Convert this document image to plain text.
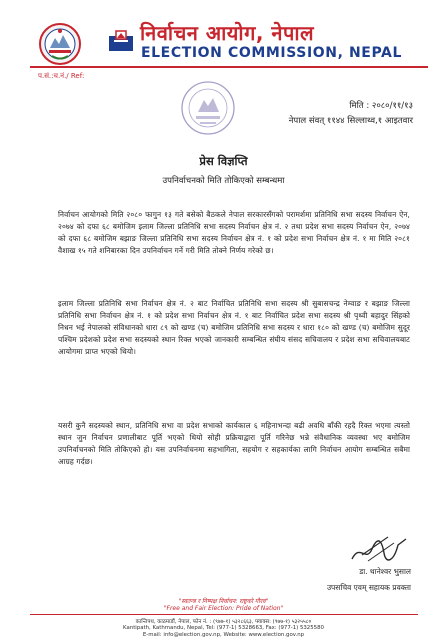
निर्वाचन आयोग, नेपाल
ELECTION COMMISSION, NEPAL
प.सं.:च.नं./ Ref:
मिति : २०८०/११/१३
नेपाल संवत् ११४४ सिल्लाथ्व,१ आइतवार
प्रेस विज्ञप्ति
उपनिर्वाचनको मिति तोकिएको सम्बन्धमा
निर्वाचन आयोगको मिति २०८० फागुन १३ गते बसेको बैठकले नेपाल सरकारसँगको परामर्शमा प्रतिनिधि सभा सदस्य निर्वाचन ऐन, २०७४ को दफा ६८ बमोजिम इलाम जिल्ला प्रतिनिधि सभा सदस्य निर्वाचन क्षेत्र नं. २ तथा प्रदेश सभा सदस्य निर्वाचन ऐन, २०७४ को दफा ६८ बमोजिम बझाङ जिल्ला प्रतिनिधि सभा सदस्य निर्वाचन क्षेत्र नं. १ को प्रदेश सभा निर्वाचन क्षेत्र नं. १ मा मिति २०८१ वैशाख १५ गते शनिबारका दिन उपनिर्वाचन गर्ने गरी मिति तोक्ने निर्णय गरेको छ।
इलाम जिल्ला प्रतिनिधि सभा निर्वाचन क्षेत्र नं. २ बाट निर्वाचित प्रतिनिधि सभा सदस्य श्री सुबासचन्द्र नेम्वाङ र बझाङ जिल्ला प्रतिनिधि सभा निर्वाचन क्षेत्र नं. १ को प्रदेश सभा निर्वाचन क्षेत्र नं. १ बाट निर्वाचित प्रदेश सभा सदस्य श्री पृथ्वी बहादुर सिंहको निधन भई नेपालको संविधानको धारा ८९ को खण्ड (च) बमोजिम प्रतिनिधि सभा सदस्य र धारा १८० को खण्ड (च) बमोजिम सुदूर पश्चिम प्रदेशको प्रदेश सभा सदस्यको स्थान रिक्त भएको जानकारी सम्बन्धित संघीय संसद सचिवालय र प्रदेश सभा सचिवालयबाट आयोगमा प्राप्त भएको थियो।
यसरी कुनै सदस्यको स्थान, प्रतिनिधि सभा वा प्रदेश सभाको कार्यकाल ६ महिनाभन्दा बढी अवधि बाँकी रहदै रिक्त भएमा त्यस्तो स्थान जुन निर्वाचन प्रणालीबाट पूर्ति भएको थियो सोही प्रक्रियाद्वारा पूर्ति गरिनेछ भन्ने संवैधानिक व्यवस्था भए बमोजिम उपनिर्वाचनको मिति तोकिएको हो। यस उपनिर्वाचनमा सहभागिता, सहयोग र सहकार्यका लागि निर्वाचन आयोग सम्बन्धित सबैमा आग्रह गर्दछ।
डा. थानेश्वर भुसाल
उपसचिव एवम् सहायक प्रवक्ता
"स्वतन्त्र र निष्पक्ष निर्वाचन: राष्ट्रको गौरव"
"Free and Fair Election: Pride of Nation"
कान्तिपथ, काठमाडौं, नेपाल, फोन नं. : (९७७-१) ५३२८६६३, फ्याक्स: (९७७-१) ५३२५५८०
Kantipath, Kathmandu, Nepal, Tel: (977-1) 5328663, Fax: (977-1) 5325580
E-mail: info@election.gov.np, Website: www.election.gov.np
